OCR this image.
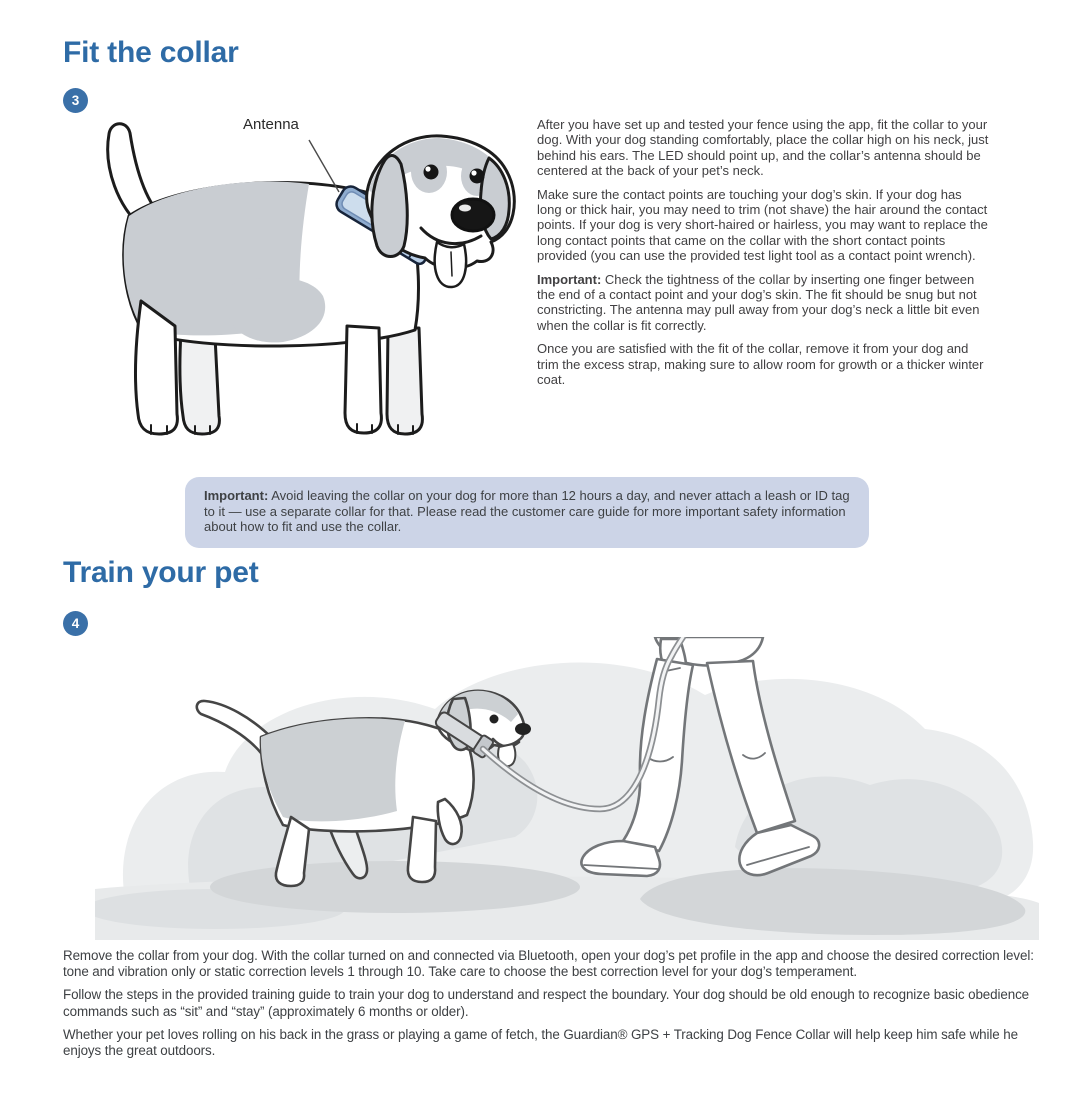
Fit the collar
3
Antenna	After you have set up and tested your fence using the app, fit the collar to your dog. With your dog standing comfortably, place the collar high on his neck, just behind his ears. The LED should point up, and the collar’s antenna should be centered at the back of your pet’s neck.

Make sure the contact points are touching your dog’s skin. If your dog has long or thick hair, you may need to trim (not shave) the hair around the contact points. If your dog is very short-haired or hairless, you may want to replace the long contact points that came on the collar with the short contact points provided (you can use the provided test light tool as a contact point wrench).

Important: Check the tightness of the collar by inserting one finger between the end of a contact point and your dog’s skin. The fit should be snug but not constricting. The antenna may pull away from your dog’s neck a little bit even when the collar is fit correctly.

Once you are satisfied with the fit of the collar, remove it from your dog and trim the excess strap, making sure to allow room for growth or a thicker winter coat.

Important: Avoid leaving the collar on your dog for more than 12 hours a day, and never attach a leash or ID tag to it — use a separate collar for that. Please read the customer care guide for more important safety information about how to fit and use the collar.

Train your pet
4

Remove the collar from your dog. With the collar turned on and connected via Bluetooth, open your dog’s pet profile in the app and choose the desired correction level: tone and vibration only or static correction levels 1 through 10. Take care to choose the best correction level for your dog’s temperament.

Follow the steps in the provided training guide to train your dog to understand and respect the boundary. Your dog should be old enough to recognize basic obedience commands such as “sit” and “stay” (approximately 6 months or older).

Whether your pet loves rolling on his back in the grass or playing a game of fetch, the Guardian® GPS + Tracking Dog Fence Collar will help keep him safe while he enjoys the great outdoors.
